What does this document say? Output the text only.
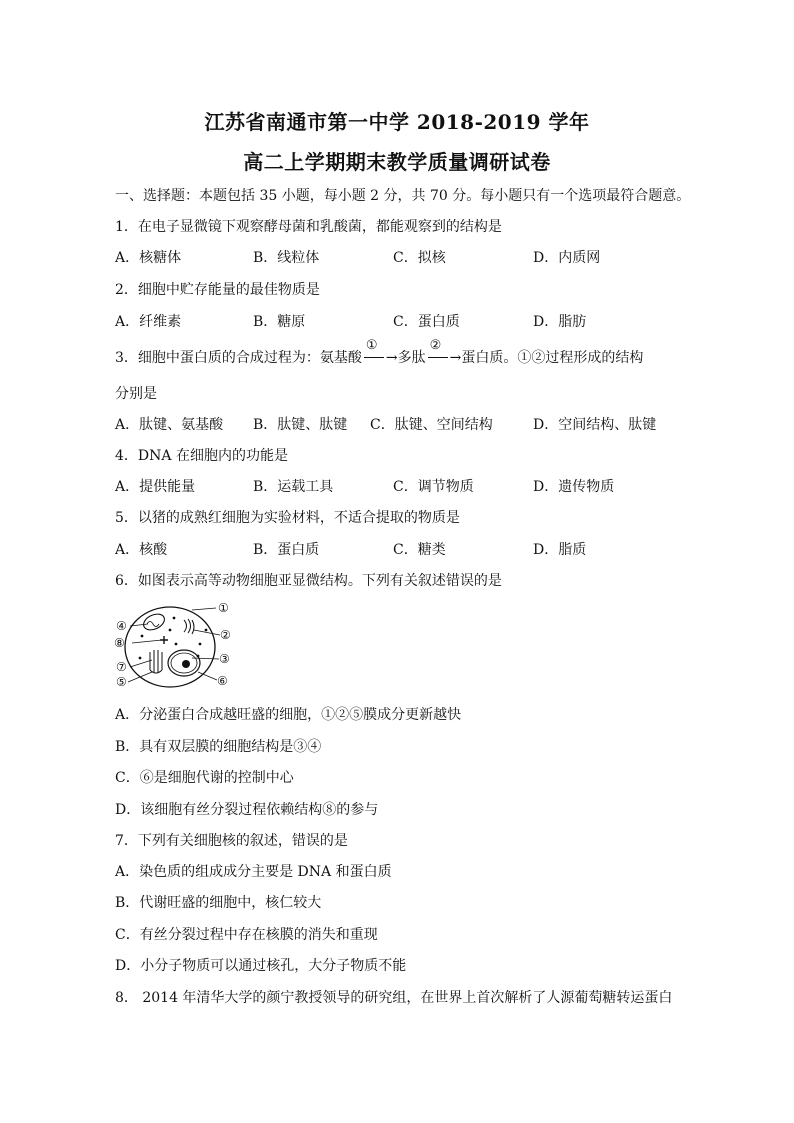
江苏省南通市第一中学 2018-2019 学年
高二上学期期末教学质量调研试卷
一、选择题：本题包括 35 小题，每小题 2 分，共 70 分。每小题只有一个选项最符合题意。
1．在电子显微镜下观察酵母菌和乳酸菌，都能观察到的结构是
A．核糖体	B．线粒体	C．拟核	D．内质网
2．细胞中贮存能量的最佳物质是
A．纤维素	B．糖原	C．蛋白质	D．脂肪
3．细胞中蛋白质的合成过程为：氨基酸
①
→多肽
②
→蛋白质。①②过程形成的结构
分别是
A．肽键、氨基酸 B．肽键、肽键 C．肽键、空间结构	D．空间结构、肽键
4．DNA 在细胞内的功能是
A．提供能量	B．运载工具	C．调节物质	D．遗传物质
5．以猪的成熟红细胞为实验材料，不适合提取的物质是
A．核酸	B．蛋白质	C．糖类	D．脂质
6．如图表示高等动物细胞亚显微结构。下列有关叙述错误的是
①
②
③
⑥
④
⑧
⑦
⑤
A．分泌蛋白合成越旺盛的细胞，①②⑤膜成分更新越快
B．具有双层膜的细胞结构是③④
C．⑥是细胞代谢的控制中心
D．该细胞有丝分裂过程依赖结构⑧的参与
7．下列有关细胞核的叙述，错误的是
A．染色质的组成成分主要是 DNA 和蛋白质
B．代谢旺盛的细胞中，核仁较大
C．有丝分裂过程中存在核膜的消失和重现
D．小分子物质可以通过核孔，大分子物质不能
8． 2014 年清华大学的颜宁教授领导的研究组，在世界上首次解析了人源葡萄糖转运蛋白
